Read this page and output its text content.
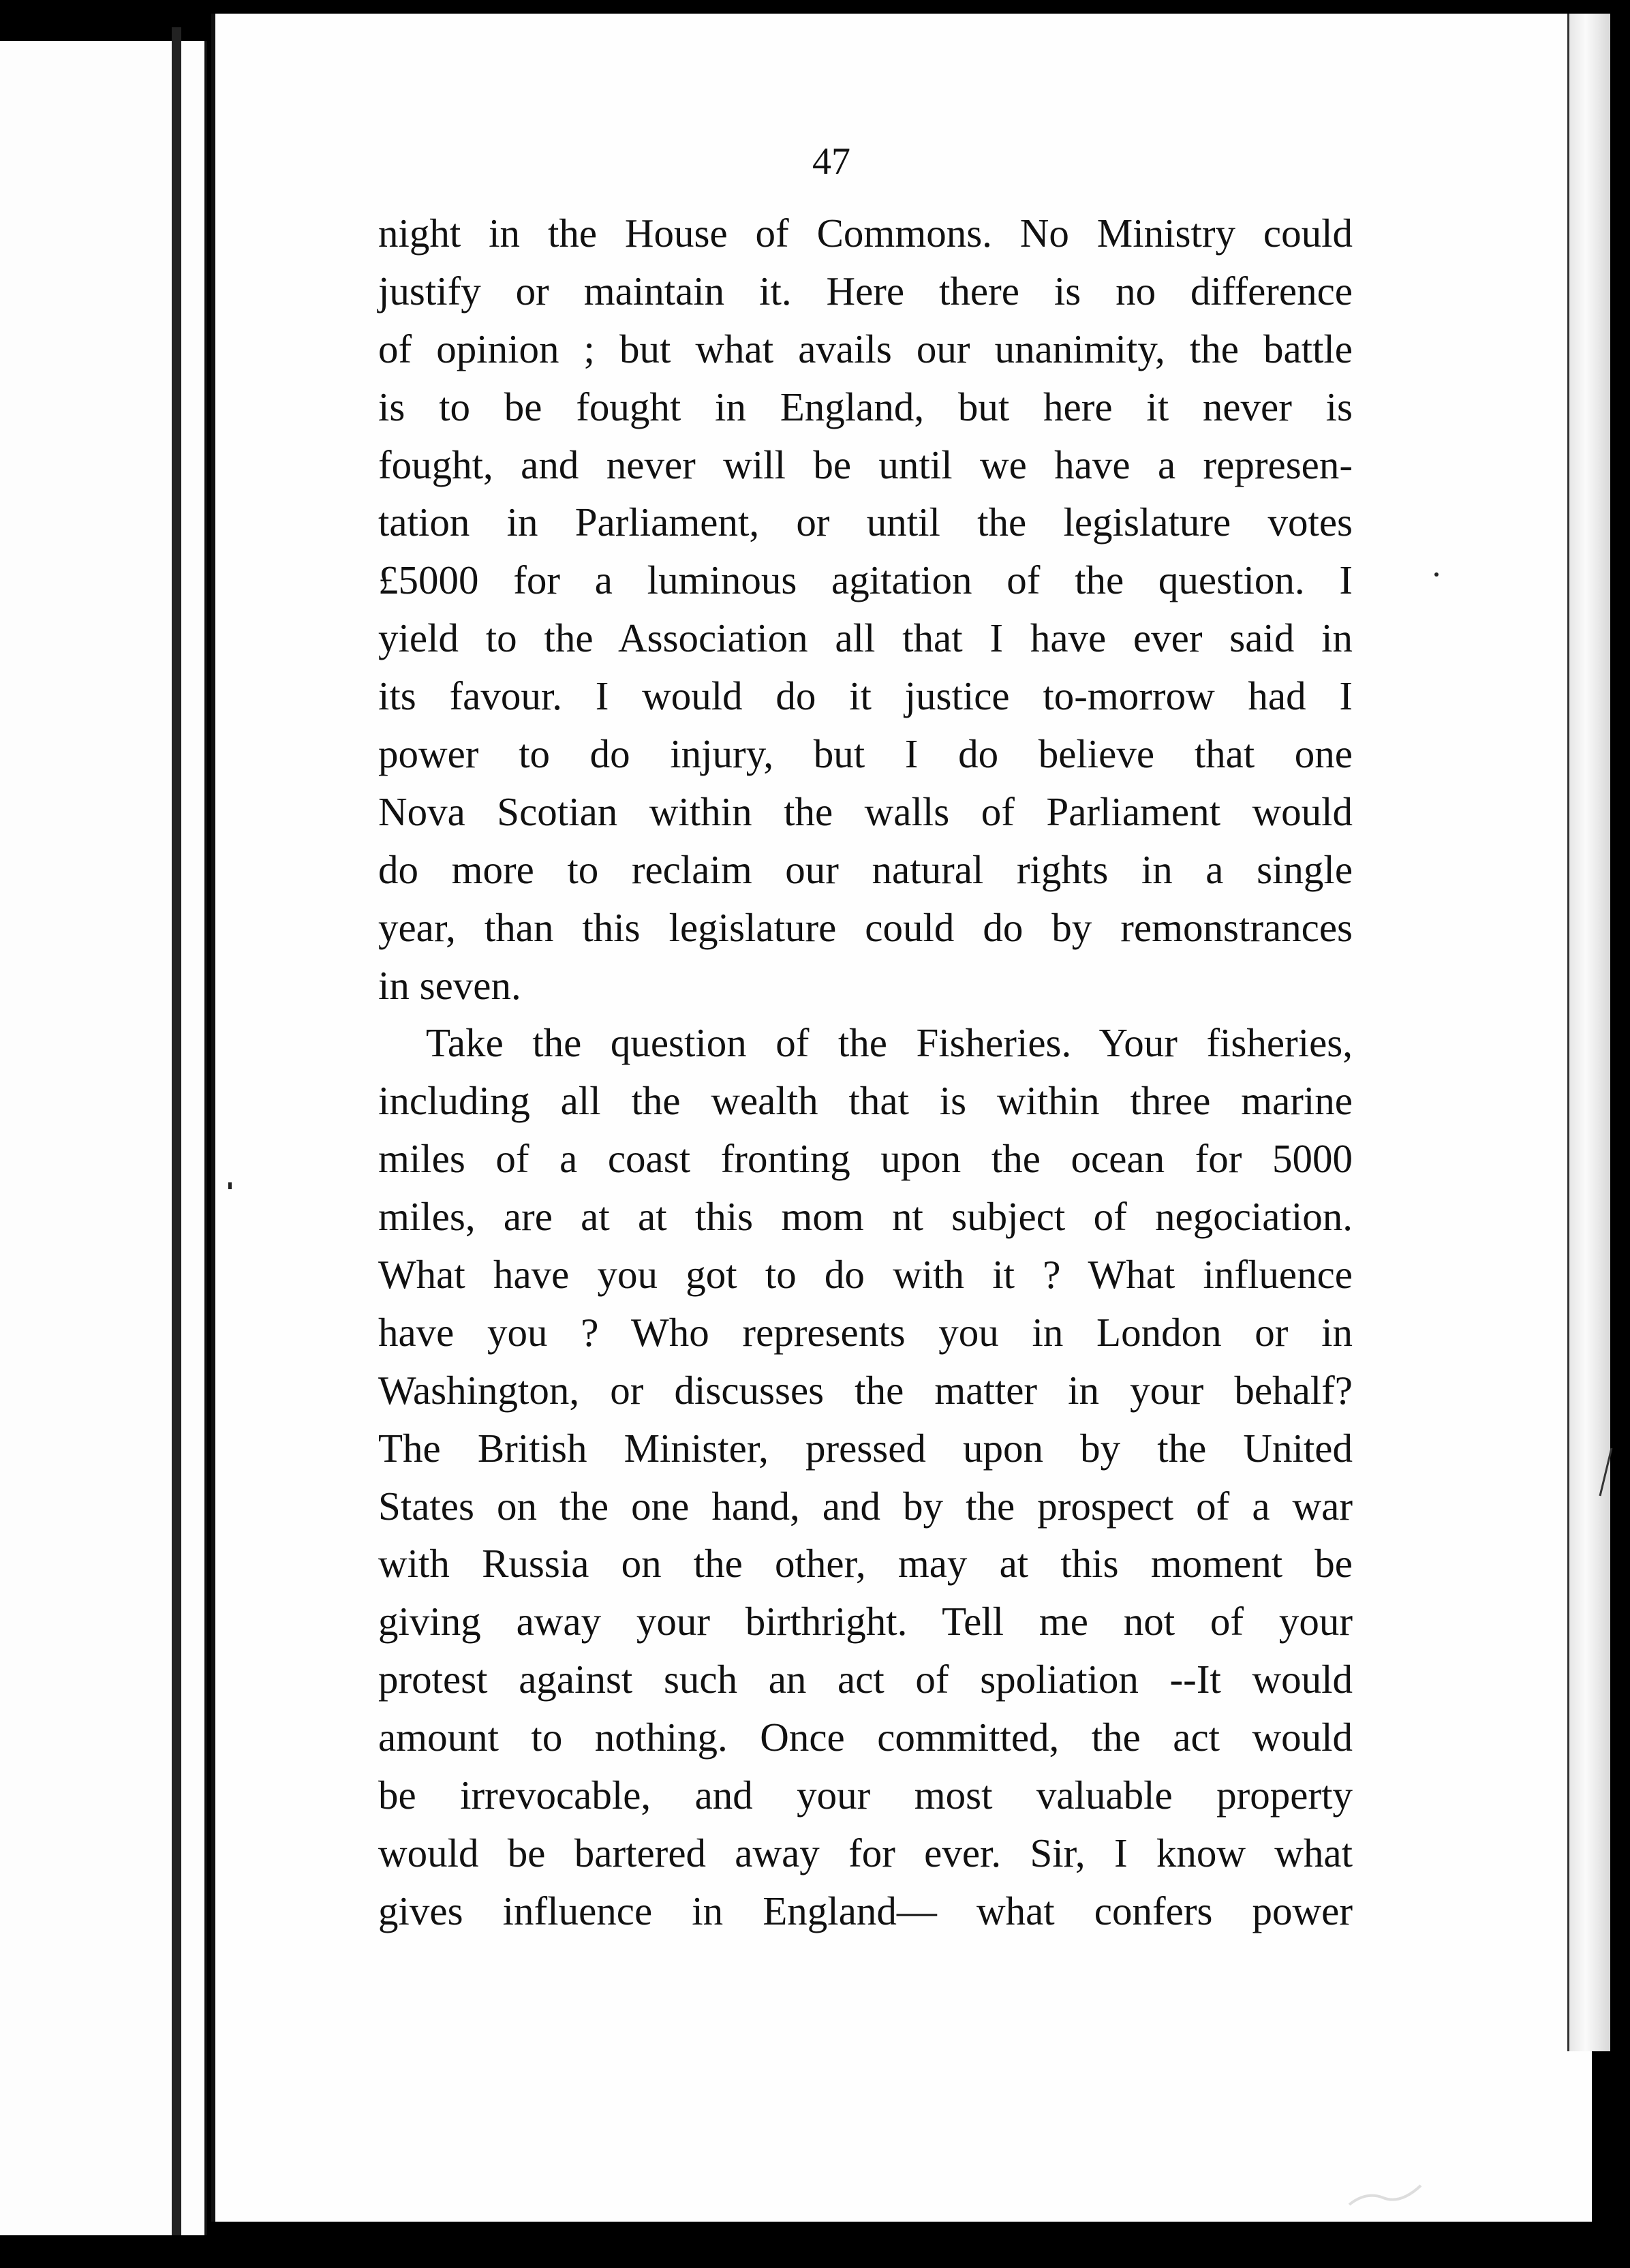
47
night in the House of Commons. No Ministry could
justify or maintain it. Here there is no difference
of opinion ; but what avails our unanimity, the battle
is to be fought in England, but here it never is
fought, and never will be until we have a represen-
tation in Parliament, or until the legislature votes
£5000 for a luminous agitation of the question. I
yield to the Association all that I have ever said in
its favour. I would do it justice to-morrow had I
power to do injury, but I do believe that one
Nova Scotian within the walls of Parliament would
do more to reclaim our natural rights in a single
year, than this legislature could do by remonstrances
in seven.
Take the question of the Fisheries. Your fisheries,
including all the wealth that is within three marine
miles of a coast fronting upon the ocean for 5000
miles, are at at this mom nt subject of negociation.
What have you got to do with it ? What influence
have you ? Who represents you in London or in
Washington, or discusses the matter in your behalf?
The British Minister, pressed upon by the United
States on the one hand, and by the prospect of a war
with Russia on the other, may at this moment be
giving away your birthright. Tell me not of your
protest against such an act of spoliation --It would
amount to nothing. Once committed, the act would
be irrevocable, and your most valuable property
would be bartered away for ever. Sir, I know what
gives influence in England— what confers power
